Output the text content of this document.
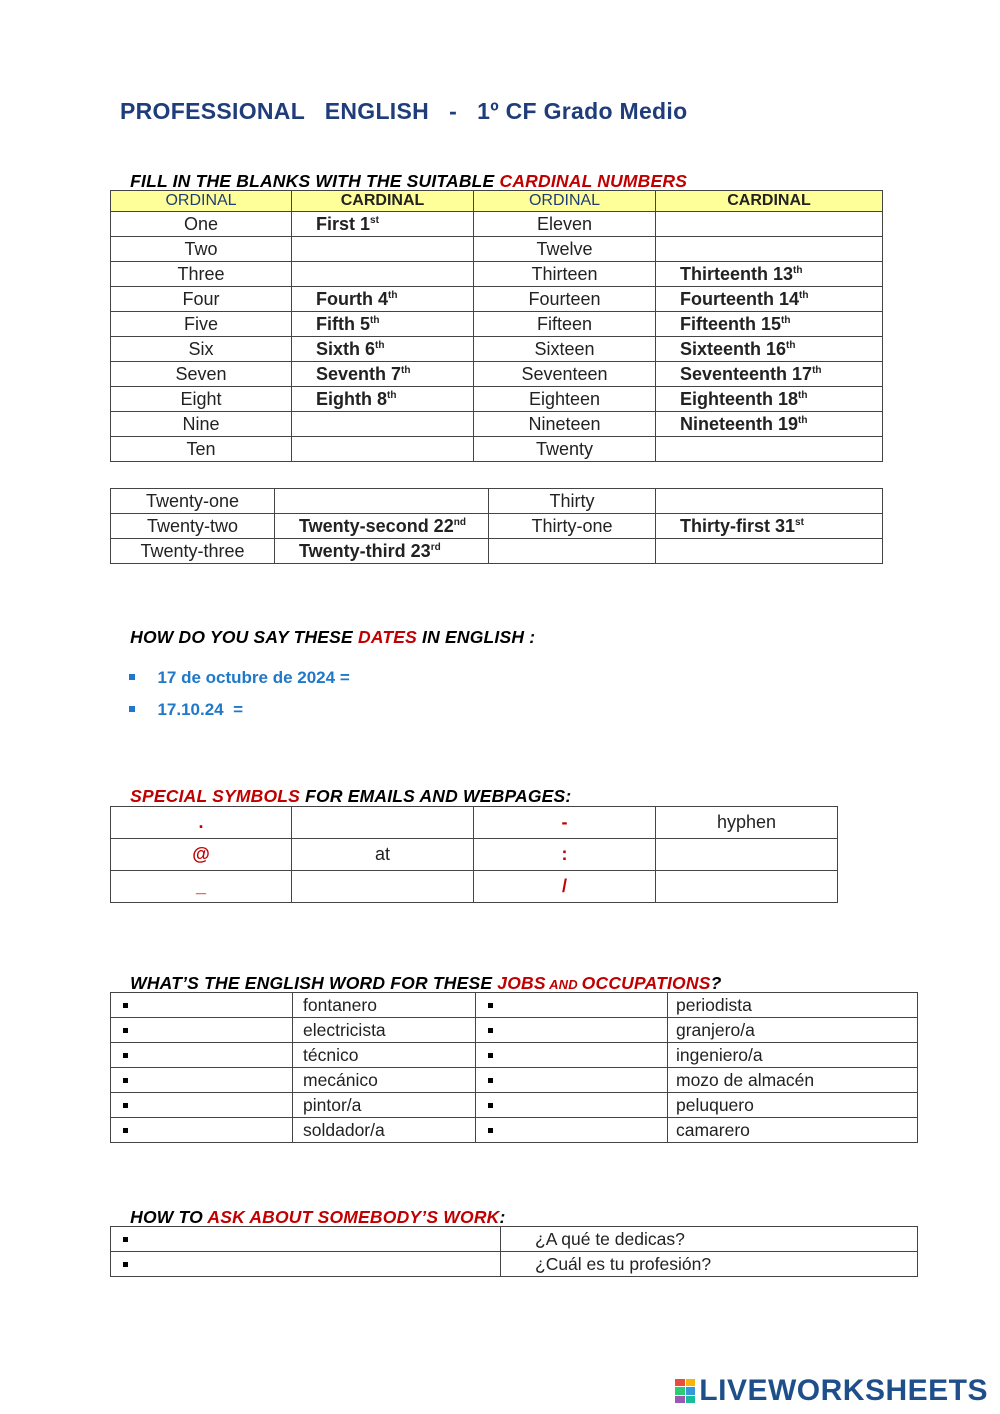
PROFESSIONAL   ENGLISH   -   1º CF Grado Medio

FILL IN THE BLANKS WITH THE SUITABLE CARDINAL NUMBERS

ORDINAL	CARDINAL	ORDINAL	CARDINAL
One	First 1st	Eleven	
Two		Twelve	
Three		Thirteen	Thirteenth 13th
Four	Fourth 4th	Fourteen	Fourteenth 14th
Five	Fifth 5th	Fifteen	Fifteenth 15th
Six	Sixth 6th	Sixteen	Sixteenth 16th
Seven	Seventh 7th	Seventeen	Seventeenth 17th
Eight	Eighth 8th	Eighteen	Eighteenth 18th
Nine		Nineteen	Nineteenth 19th
Ten		Twenty	
Twenty-one		Thirty	
Twenty-two	Twenty-second 22nd	Thirty-one	Thirty-first 31st
Twenty-three	Twenty-third 23rd		

HOW DO YOU SAY THESE DATES IN ENGLISH :

17 de octubre de 2024 =

17.10.24  =

SPECIAL SYMBOLS FOR EMAILS AND WEBPAGES:

.		-	hyphen
@	at	:	
_		/	

WHAT’S THE ENGLISH WORD FOR THESE JOBS AND OCCUPATIONS?

	fontanero		periodista
	electricista		granjero/a
	técnico		ingeniero/a
	mecánico		mozo de almacén
	pintor/a		peluquero
	soldador/a		camarero

HOW TO ASK ABOUT SOMEBODY’S WORK:

	¿A qué te dedicas?
	¿Cuál es tu profesión?
LIVEWORKSHEETS
